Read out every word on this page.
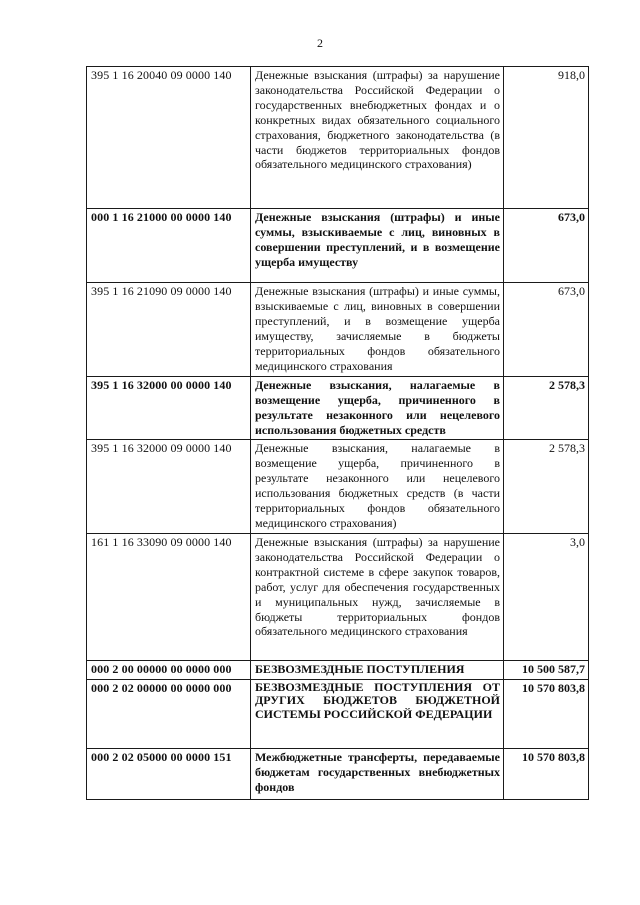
2
395 1 16 20040 09 0000 140	Денежные взыскания (штрафы) за нарушение законодательства Российской Федерации о государственных внебюджетных фондах и о конкретных видах обязательного социального страхования, бюджетного законодательства (в части бюджетов территориальных фондов обязательного медицинского страхования)	918,0
000 1 16 21000 00 0000 140	Денежные взыскания (штрафы) и иные суммы, взыскиваемые с лиц, виновных в совершении преступлений, и в возмещение ущерба имуществу	673,0
395 1 16 21090 09 0000 140	Денежные взыскания (штрафы) и иные суммы, взыскиваемые с лиц, виновных в совершении преступлений, и в возмещение ущерба имуществу, зачисляемые в бюджеты территориальных фондов обязательного медицинского страхования	673,0
395 1 16 32000 00 0000 140	Денежные взыскания, налагаемые в возмещение ущерба, причиненного в результате незаконного или нецелевого использования бюджетных средств	2 578,3
395 1 16 32000 09 0000 140	Денежные взыскания, налагаемые в возмещение ущерба, причиненного в результате незаконного или нецелевого использования бюджетных средств (в части территориальных фондов обязательного медицинского страхования)	2 578,3
161 1 16 33090 09 0000 140	Денежные взыскания (штрафы) за нарушение законодательства Российской Федерации о контрактной системе в сфере закупок товаров, работ, услуг для обеспечения государственных и муниципальных нужд, зачисляемые в бюджеты территориальных фондов обязательного медицинского страхования	3,0
000 2 00 00000 00 0000 000	БЕЗВОЗМЕЗДНЫЕ ПОСТУПЛЕНИЯ	10 500 587,7
000 2 02 00000 00 0000 000	БЕЗВОЗМЕЗДНЫЕ ПОСТУПЛЕНИЯ ОТ ДРУГИХ БЮДЖЕТОВ БЮДЖЕТНОЙ СИСТЕМЫ РОССИЙСКОЙ ФЕДЕРАЦИИ	10 570 803,8
000 2 02 05000 00 0000 151	Межбюджетные трансферты, передаваемые бюджетам государственных внебюджетных фондов	10 570 803,8
